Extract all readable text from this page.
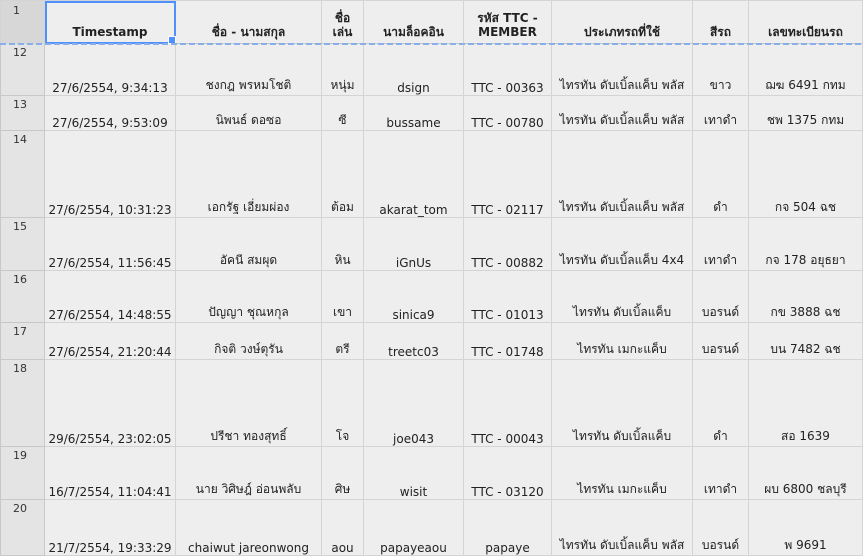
1	Timestamp	ชื่อ - นามสกุล	ชื่อ เล่น	นามล็อคอิน	รหัส TTC - MEMBER	ประเภทรถที่ใช้	สีรถ	เลขทะเบียนรถ
12	27/6/2554, 9:34:13	ชงกฎ พรหมโชติ	หนุ่ม	dsign	TTC - 00363	ไทรทัน ดับเบิ้ลแค็บ พลัส	ขาว	ฌฆ 6491 กทม
13	27/6/2554, 9:53:09	นิพนธ์ ดอซอ	ซี	bussame	TTC - 00780	ไทรทัน ดับเบิ้ลแค็บ พลัส	เทาดำ	ชพ 1375 กทม
14	27/6/2554, 10:31:23	เอกรัฐ เอี่ยมผ่อง	ต้อม	akarat_tom	TTC - 02117	ไทรทัน ดับเบิ้ลแค็บ พลัส	ดำ	กจ 504 ฉช
15	27/6/2554, 11:56:45	อัคนี สมผุด	หิน	iGnUs	TTC - 00882	ไทรทัน ดับเบิ้ลแค็บ 4x4	เทาดำ	กจ 178 อยุธยา
16	27/6/2554, 14:48:55	ปัญญา ชุณหกุล	เขา	sinica9	TTC - 01013	ไทรทัน ดับเบิ้ลแค็บ	บอรนด์	กข 3888 ฉช
17	27/6/2554, 21:20:44	กิจติ วงษ์ตุรัน	ตรี	treetc03	TTC - 01748	ไทรทัน เมกะแค็บ	บอรนด์	บน 7482 ฉช
18	29/6/2554, 23:02:05	ปรีชา ทองสุทธิ์	โจ	joe043	TTC - 00043	ไทรทัน ดับเบิ้ลแค็บ	ดำ	สอ 1639
19	16/7/2554, 11:04:41	นาย วิศิษฎ์ อ่อนพลับ	ศิษ	wisit	TTC - 03120	ไทรทัน เมกะแค็บ	เทาดำ	ผบ 6800 ชลบุรี
20	21/7/2554, 19:33:29	chaiwut jareonwong	aou	papayeaou	papaye	ไทรทัน ดับเบิ้ลแค็บ พลัส	บอรนด์	พ 9691
